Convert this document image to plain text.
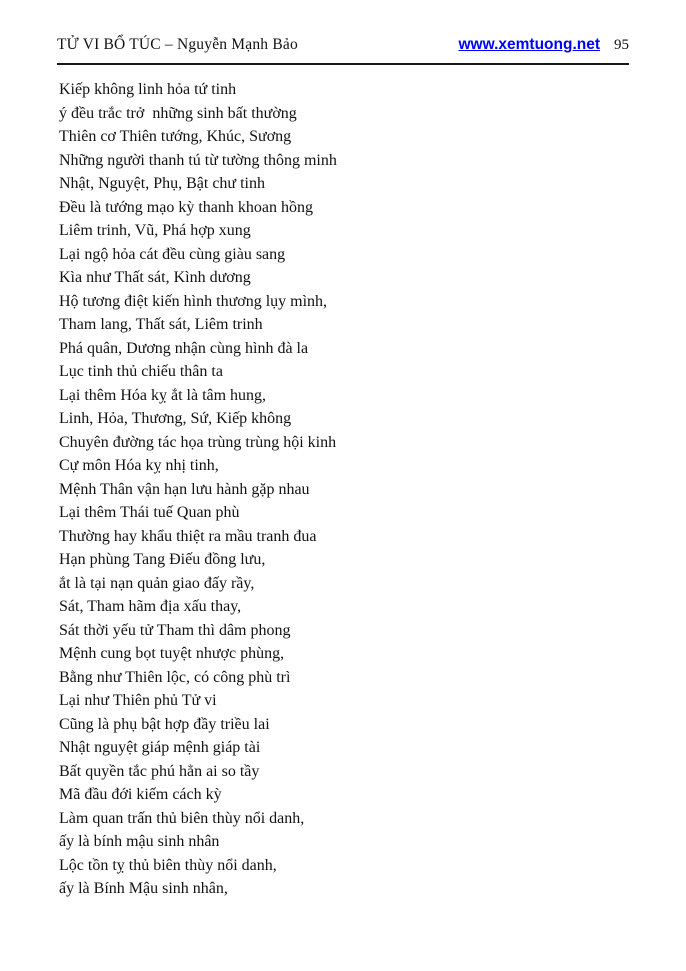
TỬ VI BỔ TÚC – Nguyễn Mạnh Bảo	www.xemtuong.net 95
Kiếp không linh hỏa tứ tinh
ý đều trắc trở  những sinh bất thường
Thiên cơ Thiên tướng, Khúc, Sương
Những người thanh tú từ tường thông minh
Nhật, Nguyệt, Phụ, Bật chư tinh
Đều là tướng mạo kỳ thanh khoan hồng
Liêm trinh, Vũ, Phá hợp xung
Lại ngộ hỏa cát đều cùng giàu sang
Kìa như Thất sát, Kình dương
Hộ tương điệt kiến hình thương lụy mình,
Tham lang, Thất sát, Liêm trinh
Phá quân, Dương nhận cùng hình đà la
Lục tinh thủ chiếu thân ta
Lại thêm Hóa kỵ ắt là tâm hung,
Linh, Hỏa, Thương, Sứ, Kiếp không
Chuyên đường tác họa trùng trùng hội kinh
Cự môn Hóa kỵ nhị tinh,
Mệnh Thân vận hạn lưu hành gặp nhau
Lại thêm Thái tuế Quan phù
Thường hay khẩu thiệt ra mầu tranh đua
Hạn phùng Tang Điếu đồng lưu,
ắt là tại nạn quản giao đấy rầy,
Sát, Tham hãm địa xấu thay,
Sát thời yếu tử Tham thì dâm phong
Mệnh cung bọt tuyệt nhược phùng,
Bằng như Thiên lộc, có công phù trì
Lại như Thiên phủ Tử vi
Cũng là phụ bật hợp đầy triều lai
Nhật nguyệt giáp mệnh giáp tài
Bất quyền tắc phú hẳn ai so tầy
Mã đầu đới kiếm cách kỳ
Làm quan trấn thủ biên thùy nổi danh,
ấy là bính mậu sinh nhân
Lộc tồn tỵ thủ biên thùy nổi danh,
ấy là Bính Mậu sinh nhân,
